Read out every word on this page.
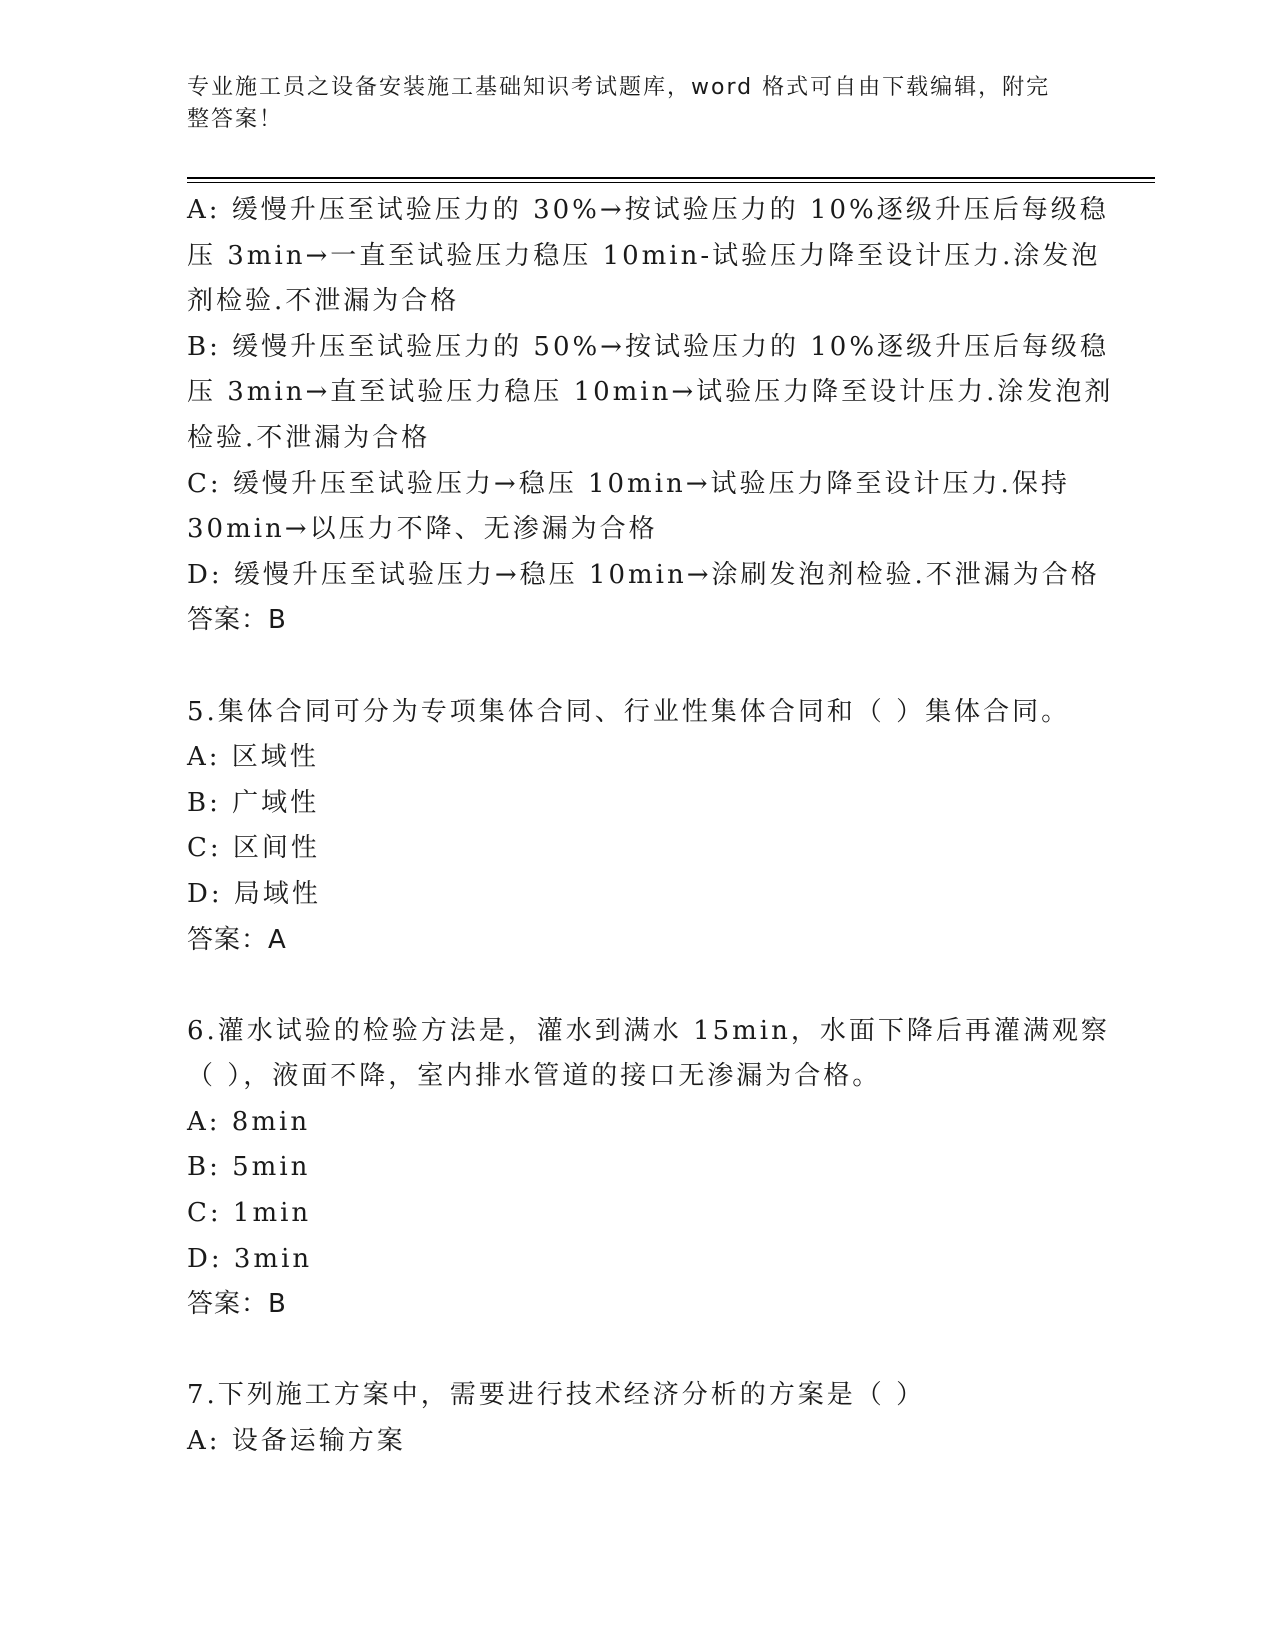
专业施工员之设备安装施工基础知识考试题库，word 格式可自由下载编辑，附完整答案！

A: 缓慢升压至试验压力的 30%→按试验压力的 10%逐级升压后每级稳
压 3min→一直至试验压力稳压 10min-试验压力降至设计压力.涂发泡
剂检验.不泄漏为合格
B: 缓慢升压至试验压力的 50%→按试验压力的 10%逐级升压后每级稳
压 3min→直至试验压力稳压 10min→试验压力降至设计压力.涂发泡剂
检验.不泄漏为合格
C: 缓慢升压至试验压力→稳压 10min→试验压力降至设计压力.保持
30min→以压力不降、无渗漏为合格
D: 缓慢升压至试验压力→稳压 10min→涂刷发泡剂检验.不泄漏为合格
答案：B
5.集体合同可分为专项集体合同、行业性集体合同和（ ）集体合同。
A: 区域性
B: 广域性
C: 区间性
D: 局域性
答案：A
6.灌水试验的检验方法是，灌水到满水 15min，水面下降后再灌满观察
（ ），液面不降，室内排水管道的接口无渗漏为合格。
A: 8min
B: 5min
C: 1min
D: 3min
答案：B
7.下列施工方案中，需要进行技术经济分析的方案是（ ）
A: 设备运输方案
